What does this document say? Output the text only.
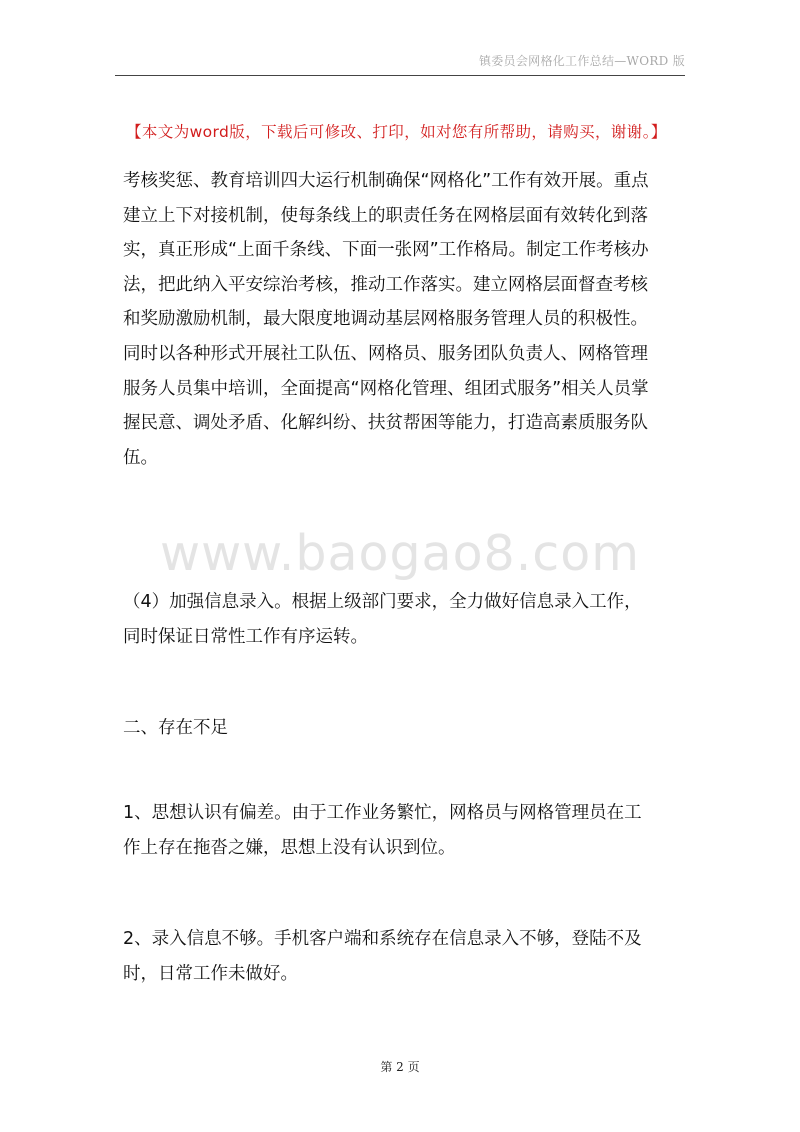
镇委员会网格化工作总结—WORD 版
【本文为word版，下载后可修改、打印，如对您有所帮助，请购买，谢谢。】
www.baogao8.com

考核奖惩、教育培训四大运行机制确保“网格化”工作有效开展。重点
建立上下对接机制，使每条线上的职责任务在网格层面有效转化到落
实，真正形成“上面千条线、下面一张网”工作格局。制定工作考核办
法，把此纳入平安综治考核，推动工作落实。建立网格层面督查考核
和奖励激励机制，最大限度地调动基层网格服务管理人员的积极性。
同时以各种形式开展社工队伍、网格员、服务团队负责人、网格管理
服务人员集中培训，全面提高“网格化管理、组团式服务”相关人员掌
握民意、调处矛盾、化解纠纷、扶贫帮困等能力，打造高素质服务队
伍。

（4）加强信息录入。根据上级部门要求，全力做好信息录入工作，
同时保证日常性工作有序运转。

二、存在不足

1、思想认识有偏差。由于工作业务繁忙，网格员与网格管理员在工
作上存在拖沓之嫌，思想上没有认识到位。

2、录入信息不够。手机客户端和系统存在信息录入不够，登陆不及
时，日常工作未做好。

第 2 页
